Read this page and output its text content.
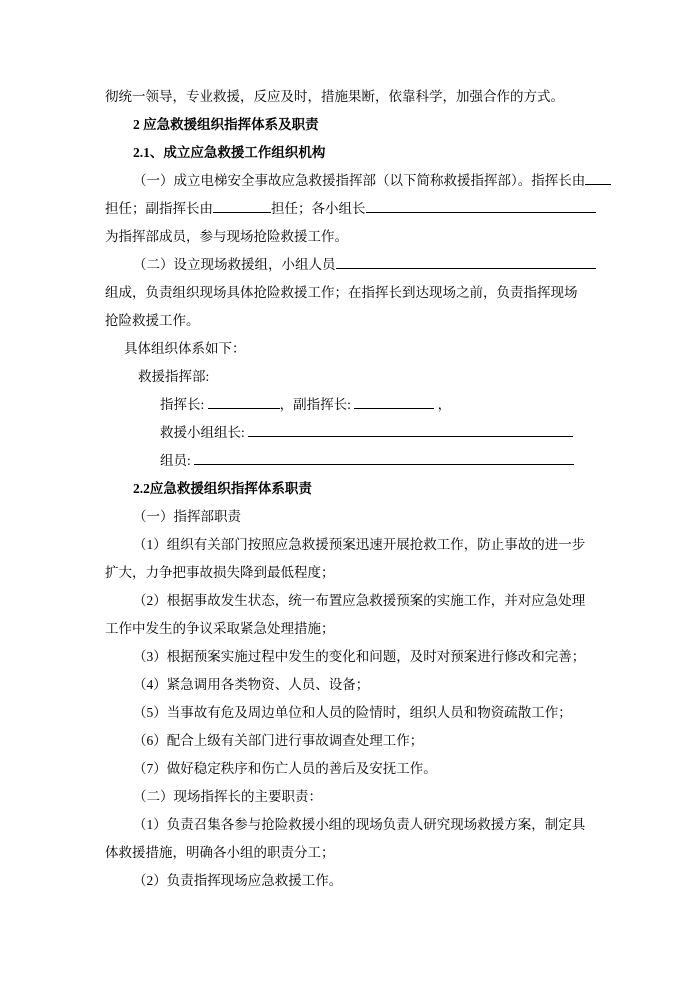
彻统一领导，专业救援，反应及时，措施果断，依靠科学，加强合作的方式。
2 应急救援组织指挥体系及职责
2.1、成立应急救援工作组织机构
（一）成立电梯安全事故应急救援指挥部（以下简称救援指挥部）。指挥长由
担任；副指挥长由	担任；各小组长
为指挥部成员，参与现场抢险救援工作。
（二）设立现场救援组，小组人员
组成，负责组织现场具体抢险救援工作；在指挥长到达现场之前，负责指挥现场
抢险救援工作。
具体组织体系如下：
救援指挥部:
指挥长:	，副指挥长:	，
救援小组组长:
组员:
2.2应急救援组织指挥体系职责
（一）指挥部职责
（1）组织有关部门按照应急救援预案迅速开展抢救工作，防止事故的进一步
扩大，力争把事故损失降到最低程度；
（2）根据事故发生状态，统一布置应急救援预案的实施工作，并对应急处理
工作中发生的争议采取紧急处理措施；
（3）根据预案实施过程中发生的变化和问题，及时对预案进行修改和完善；
（4）紧急调用各类物资、人员、设备；
（5）当事故有危及周边单位和人员的险情时，组织人员和物资疏散工作；
（6）配合上级有关部门进行事故调查处理工作；
（7）做好稳定秩序和伤亡人员的善后及安抚工作。
（二）现场指挥长的主要职责：
（1）负责召集各参与抢险救援小组的现场负责人研究现场救援方案，制定具
体救援措施，明确各小组的职责分工；
（2）负责指挥现场应急救援工作。
